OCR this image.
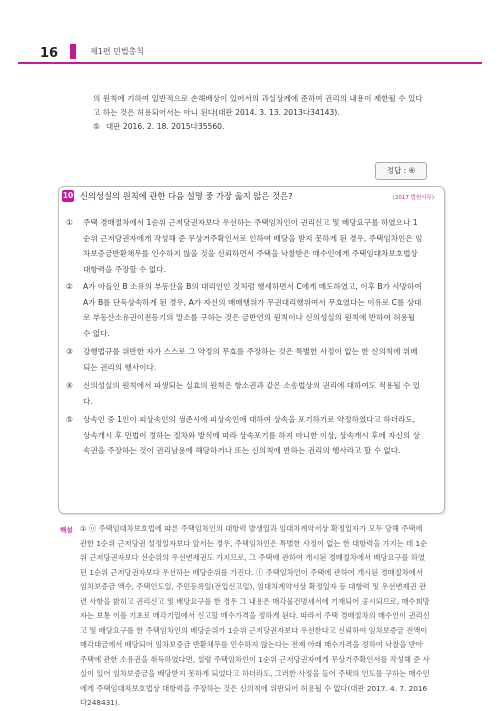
16	제1편 민법총칙
의 원칙에 기하여 일반적으로 손해배상이 있어서의 과실상계에 준하여 권리의 내용이 제한될 수 있다고 하는 것은 허용되어서는 아니 된다(대판 2014. 3. 13. 2013다34143).
⑤ 대판 2016. 2. 18. 2015다35560.
정답 : ④
10 신의성실의 원칙에 관한 다음 설명 중 가장 옳지 않은 것은?	(2017 법원사무)
① 주택 경매절차에서 1순위 근저당권자보다 우선하는 주택임차인이 권리신고 및 배당요구를 하였으나 1순위 근저당권자에게 작성해 준 무상거주확인서로 인하여 배당을 받지 못하게 된 경우, 주택임차인은 임차보증금반환채무를 인수하지 않을 것을 신뢰하면서 주택을 낙찰받은 매수인에게 주택임대차보호법상 대항력을 주장할 수 없다.
② A가 아들인 B 소유의 부동산을 B의 대리인인 것처럼 행세하면서 C에게 매도하였고, 이후 B가 사망하여 A가 B를 단독상속하게 된 경우, A가 자신의 매매행위가 무권대리행위여서 무효였다는 이유로 C를 상대로 부동산소유권이전등기의 말소를 구하는 것은 금반언의 원칙이나 신의성실의 원칙에 반하여 허용될 수 없다.
③ 강행법규를 위반한 자가 스스로 그 약정의 무효를 주장하는 것은 특별한 사정이 없는 한 신의칙에 위배되는 권리의 행사이다.
④ 신의성실의 원칙에서 파생되는 실효의 원칙은 항소권과 같은 소송법상의 권리에 대하여도 적용될 수 있다.
⑤ 상속인 중 1인이 피상속인의 생존시에 피상속인에 대하여 상속을 포기하기로 약정하였다고 하더라도, 상속개시 후 민법이 정하는 절차와 방식에 따라 상속포기를 하지 아니한 이상, 상속개시 후에 자신의 상속권을 주장하는 것이 권리남용에 해당하거나 또는 신의칙에 반하는 권리의 행사라고 할 수 없다.
해설 ① ⓞ 주택임대차보호법에 따른 주택임차인의 대항력 발생일과 임대차계약서상 확정일자가 모두 당해 주택에 관한 1순위 근저당권 설정일자보다 앞서는 경우, 주택임차인은 특별한 사정이 없는 한 대항력을 가지는 데 1순위 근저당권자보다 선순위의 우선변제권도 가지므로, 그 주택에 관하여 개시된 경매절차에서 배당요구를 하였던 1순위 근저당권자보다 우선하는 배당순위를 가진다. ⓛ 주택임차인이 주택에 관하여 개시된 경매절차에서 임차보증금 액수, 주택인도일, 주민등록일(전입신고일), 임대차계약서상 확정일자 등 대항력 및 우선변제권 관련 사항을 밝히고 권리신고 및 배당요구를 한 경우 그 내용은 매각물건명세서에 기재되어 공시되므로, 매수희망자는 보통 이를 기초로 매각기일에서 신고할 매수가격을 정하게 된다. 따라서 주택 경매절차의 매수인이 권리신고 및 배당요구를 한 주택임차인의 배당순위가 1순위 근저당권자보다 우선한다고 신뢰하여 임차보증금 전액이 매각대금에서 배당되어 임차보증금 반환채무를 인수하지 않는다는 전제 아래 매수가격을 정하여 낙찰을 받아 주택에 관한 소유권을 취득하였다면, 설령 주택임차인이 1순위 근저당권자에게 무상거주확인서를 작성해 준 사실이 있어 임차보증금을 배당받지 못하게 되었다고 하더라도, 그러한 사정을 들어 주택의 인도를 구하는 매수인에게 주택임대차보호법상 대항력을 주장하는 것은 신의칙에 위반되어 허용될 수 없다(대판 2017. 4. 7. 2016다248431).
